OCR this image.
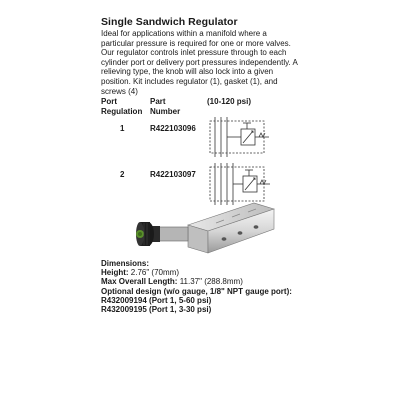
Single Sandwich Regulator
Ideal for applications within a manifold where a particular pressure is required for one or more valves. Our regulator controls inlet pressure through to each cylinder port or delivery port pressures independently. A relieving type, the knob will also lock into a given position. Kit includes regulator (1), gasket (1), and screws (4)
Port Regulation
Part Number
(10-120 psi)
1	R422103096
2	R422103097
Dimensions:
Height: 2.76" (70mm)
Max Overall Length: 11.37" (288.8mm)
Optional design (w/o gauge, 1/8" NPT gauge port):
R432009194 (Port 1, 5-60 psi)
R432009195 (Port 1, 3-30 psi)
